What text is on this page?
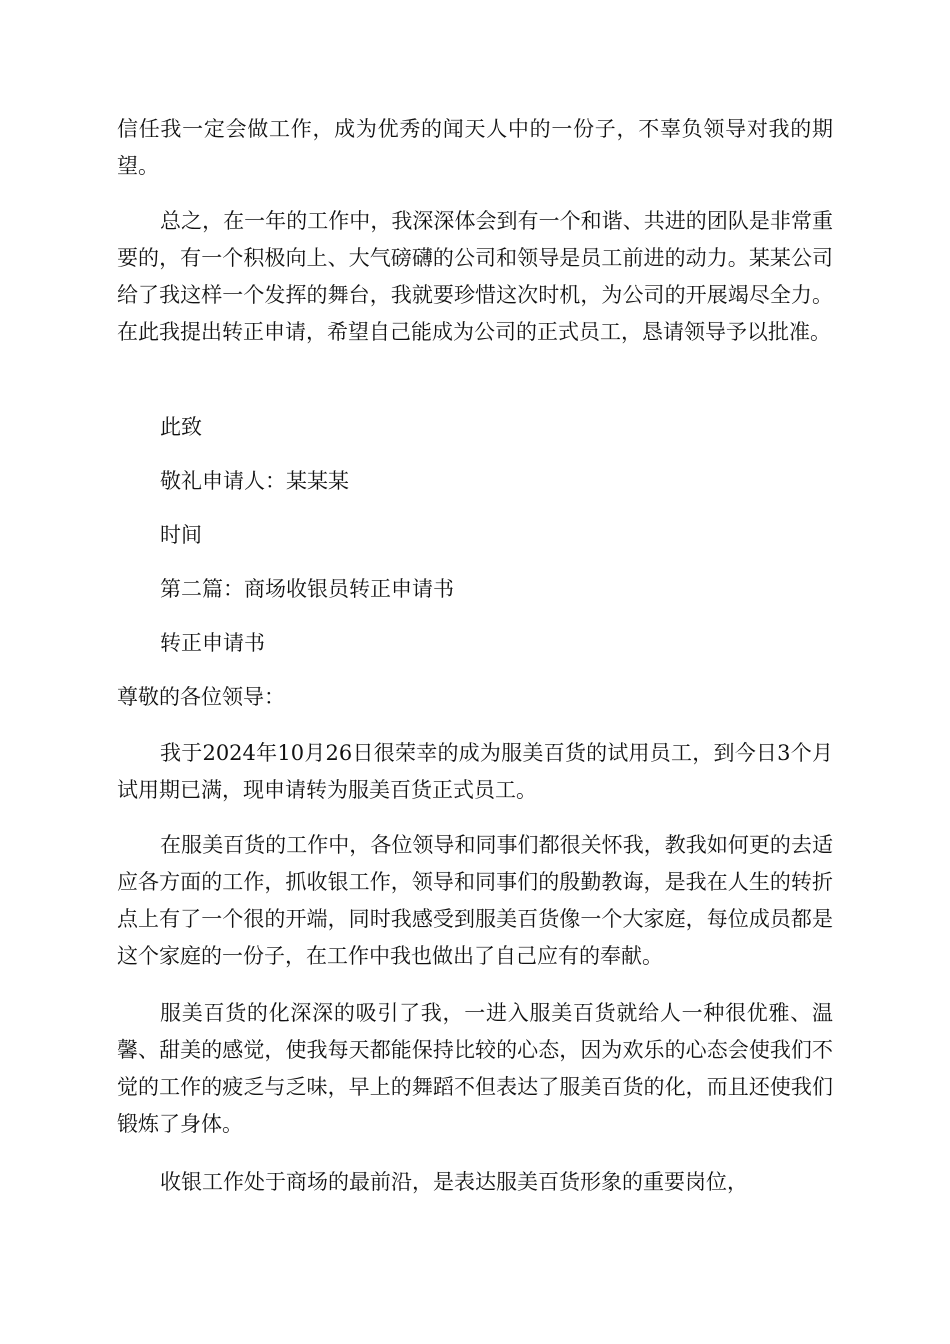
信任我一定会做工作，成为优秀的闻天人中的一份子，不辜负领导对我的期望。

总之，在一年的工作中，我深深体会到有一个和谐、共进的团队是非常重要的，有一个积极向上、大气磅礴的公司和领导是员工前进的动力。某某公司给了我这样一个发挥的舞台，我就要珍惜这次时机，为公司的开展竭尽全力。在此我提出转正申请，希望自己能成为公司的正式员工，恳请领导予以批准。

此致

敬礼申请人：某某某

时间

第二篇：商场收银员转正申请书

转正申请书

尊敬的各位领导：

我于2024年10月26日很荣幸的成为服美百货的试用员工，到今日3个月试用期已满，现申请转为服美百货正式员工。

在服美百货的工作中，各位领导和同事们都很关怀我，教我如何更的去适应各方面的工作，抓收银工作，领导和同事们的殷勤教诲，是我在人生的转折点上有了一个很的开端，同时我感受到服美百货像一个大家庭，每位成员都是这个家庭的一份子，在工作中我也做出了自己应有的奉献。

服美百货的化深深的吸引了我，一进入服美百货就给人一种很优雅、温馨、甜美的感觉，使我每天都能保持比较的心态，因为欢乐的心态会使我们不觉的工作的疲乏与乏味，早上的舞蹈不但表达了服美百货的化，而且还使我们锻炼了身体。

收银工作处于商场的最前沿，是表达服美百货形象的重要岗位，
